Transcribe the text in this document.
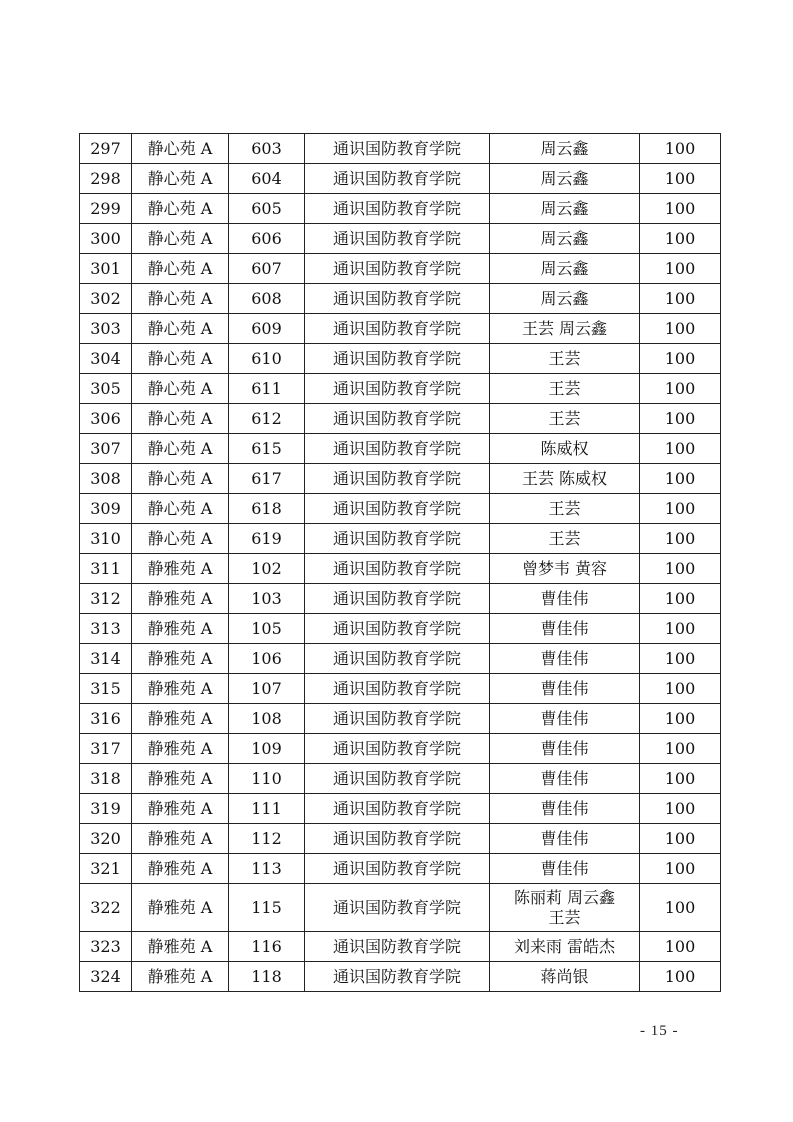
297	静心苑 A	603	通识国防教育学院	周云鑫	100
298	静心苑 A	604	通识国防教育学院	周云鑫	100
299	静心苑 A	605	通识国防教育学院	周云鑫	100
300	静心苑 A	606	通识国防教育学院	周云鑫	100
301	静心苑 A	607	通识国防教育学院	周云鑫	100
302	静心苑 A	608	通识国防教育学院	周云鑫	100
303	静心苑 A	609	通识国防教育学院	王芸 周云鑫	100
304	静心苑 A	610	通识国防教育学院	王芸	100
305	静心苑 A	611	通识国防教育学院	王芸	100
306	静心苑 A	612	通识国防教育学院	王芸	100
307	静心苑 A	615	通识国防教育学院	陈威权	100
308	静心苑 A	617	通识国防教育学院	王芸 陈威权	100
309	静心苑 A	618	通识国防教育学院	王芸	100
310	静心苑 A	619	通识国防教育学院	王芸	100
311	静雅苑 A	102	通识国防教育学院	曾梦韦 黄容	100
312	静雅苑 A	103	通识国防教育学院	曹佳伟	100
313	静雅苑 A	105	通识国防教育学院	曹佳伟	100
314	静雅苑 A	106	通识国防教育学院	曹佳伟	100
315	静雅苑 A	107	通识国防教育学院	曹佳伟	100
316	静雅苑 A	108	通识国防教育学院	曹佳伟	100
317	静雅苑 A	109	通识国防教育学院	曹佳伟	100
318	静雅苑 A	110	通识国防教育学院	曹佳伟	100
319	静雅苑 A	111	通识国防教育学院	曹佳伟	100
320	静雅苑 A	112	通识国防教育学院	曹佳伟	100
321	静雅苑 A	113	通识国防教育学院	曹佳伟	100
322	静雅苑 A	115	通识国防教育学院	陈丽莉 周云鑫 王芸	100
323	静雅苑 A	116	通识国防教育学院	刘来雨 雷皓杰	100
324	静雅苑 A	118	通识国防教育学院	蒋尚银	100
- 15 -
